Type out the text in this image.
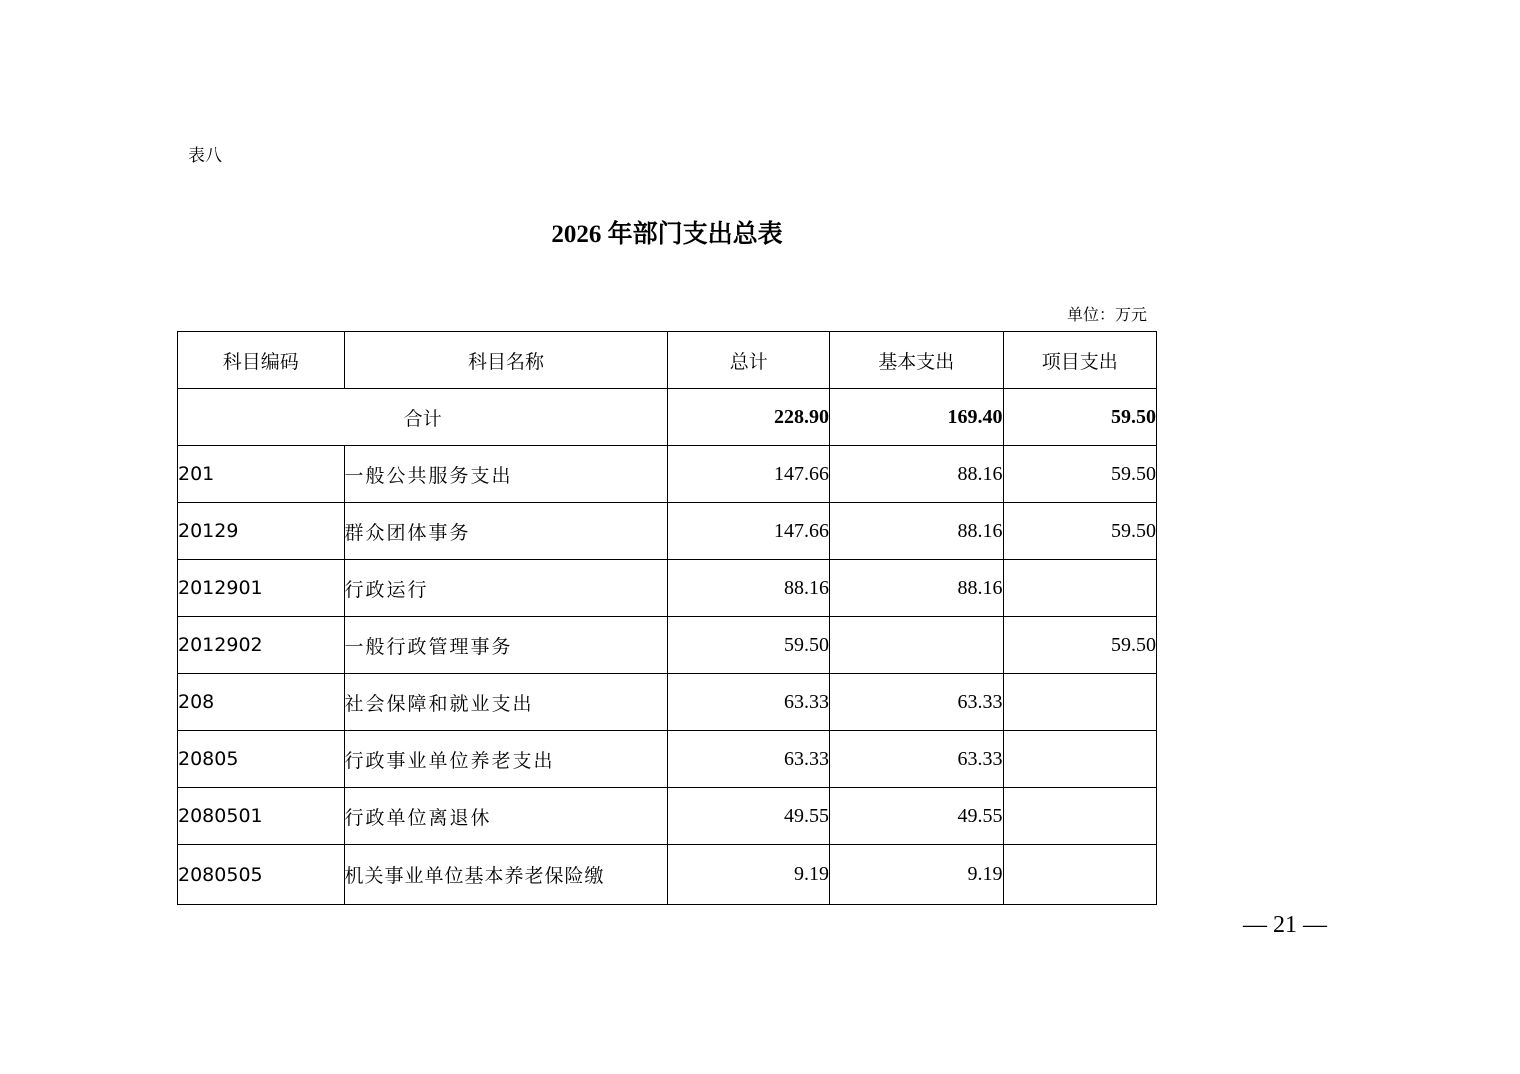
表八
2026 年部门支出总表
单位：万元
科目编码	科目名称	总计	基本支出	项目支出
合计		228.90	169.40	59.50
201	一般公共服务支出	147.66	88.16	59.50
20129	群众团体事务	147.66	88.16	59.50
2012901	行政运行	88.16	88.16	
2012902	一般行政管理事务	59.50		59.50
208	社会保障和就业支出	63.33	63.33	
20805	行政事业单位养老支出	63.33	63.33	
2080501	行政单位离退休	49.55	49.55	
2080505	机关事业单位基本养老保险缴	9.19	9.19	
— 21 —
